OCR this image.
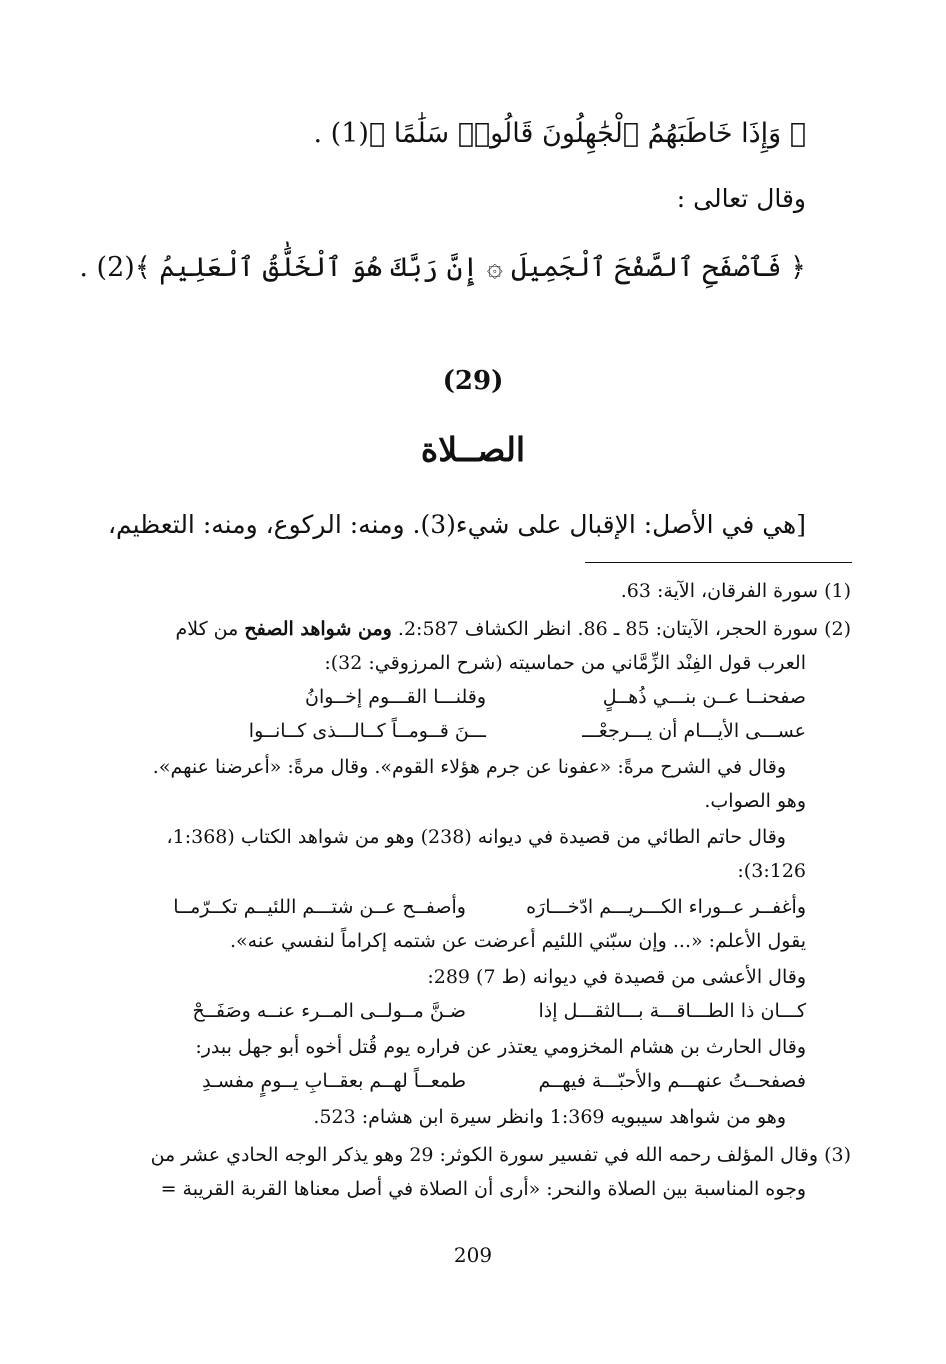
﴿ وَإِذَا خَاطَبَهُمُ ٱلْجَٰهِلُونَ قَالُوا۟ سَلَٰمًا ﴾(1) .
وقال تعالى :
﴿ فَٱصْفَحِ ٱلصَّفْحَ ٱلْجَمِيلَ ۞ إِنَّ رَبَّكَ هُوَ ٱلْخَلَّٰقُ ٱلْعَلِيمُ ﴾(2) .
(29)
الصــلاة
[هي في الأصل: الإقبال على شيء(3). ومنه: الركوع، ومنه: التعظيم،
(1) سورة الفرقان، الآية: 63.
(2) سورة الحجر، الآيتان: 85 ـ 86. انظر الكشاف 2:587. ومن شواهد الصفح من كلام
العرب قول الفِنْد الزِّمَّاني من حماسيته (شرح المرزوقي: 32):
صفحنــا عــن بنـــي ذُهــلٍ
وقلنـــا القـــوم إخــوانُ
عســـى الأيـــام أن يـــرجعْـــ
ـــنَ قــومــاً كــالـــذى كــانــوا
وقال في الشرح مرةً: «عفونا عن جرم هؤلاء القوم». وقال مرةً: «أعرضنا عنهم».
وهو الصواب.
وقال حاتم الطائي من قصيدة في ديوانه (238) وهو من شواهد الكتاب (1:368،
3:126):
وأغفــر عــوراء الكـــريـــم ادّخـــارَه
وأصفــح عــن شتـــم اللئيــم تكــرّمــا
يقول الأعلم: «... وإن سبّني اللئيم أعرضت عن شتمه إكراماً لنفسي عنه».
وقال الأعشى من قصيدة في ديوانه (ط 7) 289:
كـــان ذا الطـــاقـــة بـــالثقـــل إذا
ضـنَّ مــولــى المــرء عنــه وصَفَــحْ
وقال الحارث بن هشام المخزومي يعتذر عن فراره يوم قُتل أخوه أبو جهل ببدر:
فصفحــتُ عنهـــم والأحبّـــة فيهــم
طمعــاً لهــم بعقــابِ يــومٍ مفسـدِ
وهو من شواهد سيبويه 1:369 وانظر سيرة ابن هشام: 523.
(3) وقال المؤلف رحمه الله في تفسير سورة الكوثر: 29 وهو يذكر الوجه الحادي عشر من
وجوه المناسبة بين الصلاة والنحر: «أرى أن الصلاة في أصل معناها القربة القريبة =
209
